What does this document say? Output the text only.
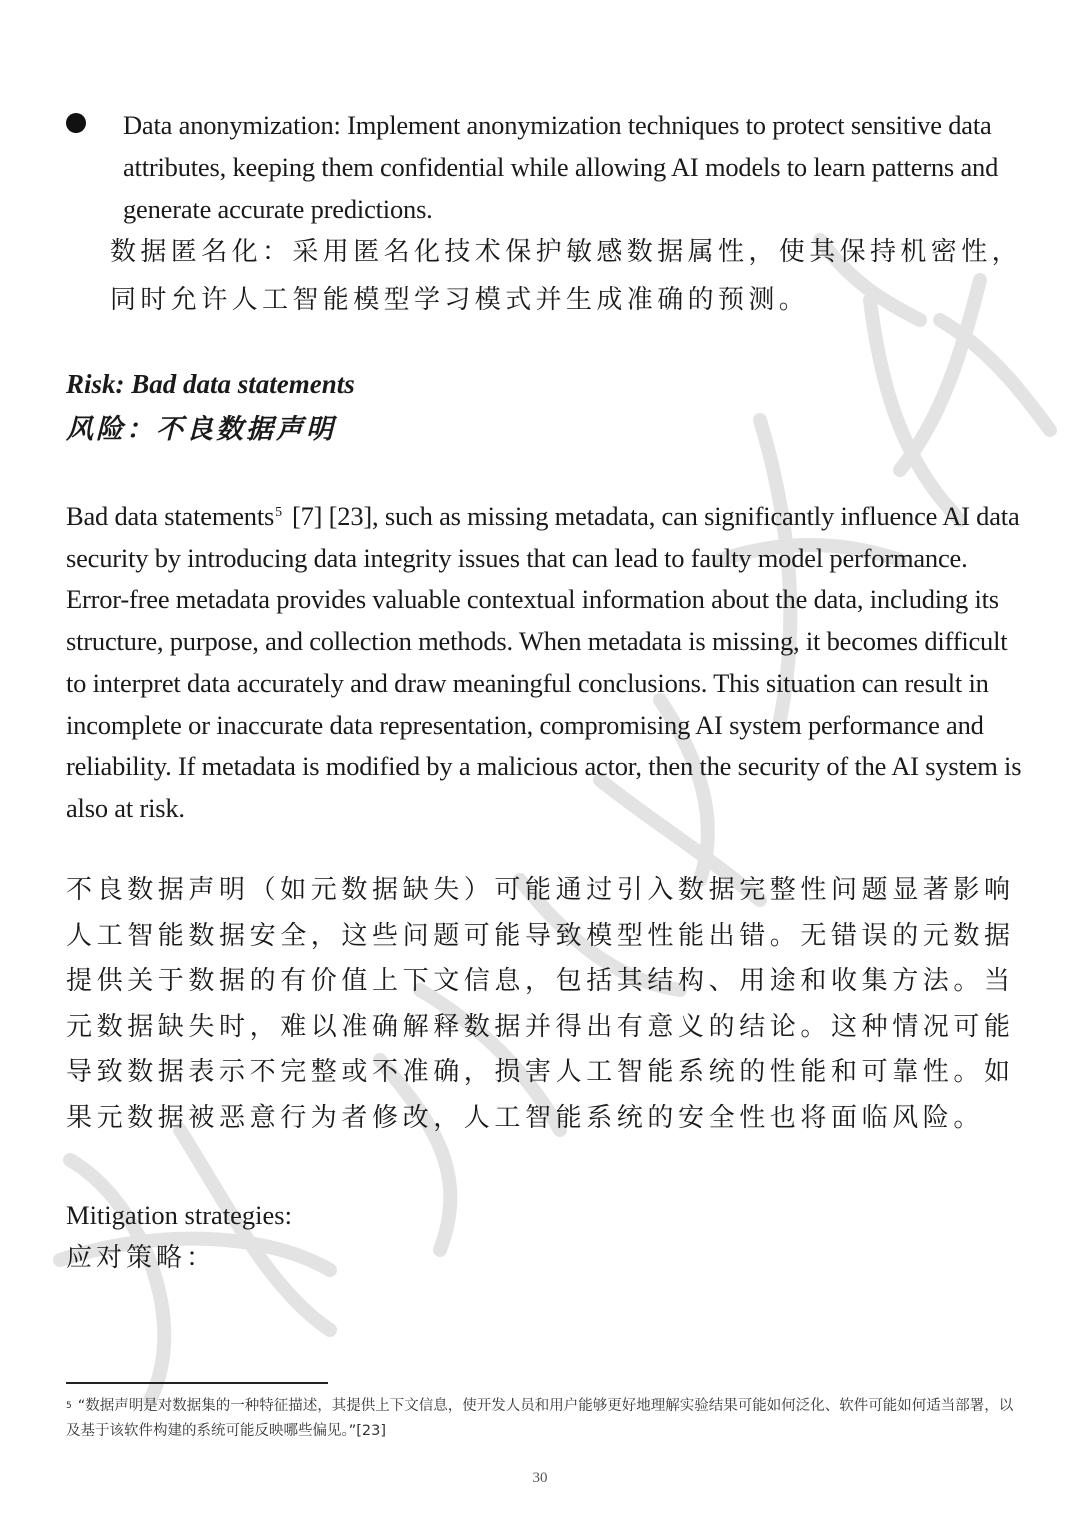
Data anonymization: Implement anonymization techniques to protect sensitive data attributes, keeping them confidential while allowing AI models to learn patterns and generate accurate predictions.
数据匿名化：采用匿名化技术保护敏感数据属性，使其保持机密性，同时允许人工智能模型学习模式并生成准确的预测。
Risk: Bad data statements
风险：不良数据声明
Bad data statements$^5$ [7] [23], such as missing metadata, can significantly influence AI data security by introducing data integrity issues that can lead to faulty model performance. Error-free metadata provides valuable contextual information about the data, including its structure, purpose, and collection methods. When metadata is missing, it becomes difficult to interpret data accurately and draw meaningful conclusions. This situation can result in incomplete or inaccurate data representation, compromising AI system performance and reliability. If metadata is modified by a malicious actor, then the security of the AI system is also at risk.
不良数据声明（如元数据缺失）可能通过引入数据完整性问题显著影响人工智能数据安全，这些问题可能导致模型性能出错。无错误的元数据提供关于数据的有价值上下文信息，包括其结构、用途和收集方法。当元数据缺失时，难以准确解释数据并得出有意义的结论。这种情况可能导致数据表示不完整或不准确，损害人工智能系统的性能和可靠性。如果元数据被恶意行为者修改，人工智能系统的安全性也将面临风险。
Mitigation strategies:
应对策略：
$^5$ “数据声明是对数据集的一种特征描述，其提供上下文信息，使开发人员和用户能够更好地理解实验结果可能如何泛化、软件可能如何适当部署，以及基于该软件构建的系统可能反映哪些偏见。”[23]
30
